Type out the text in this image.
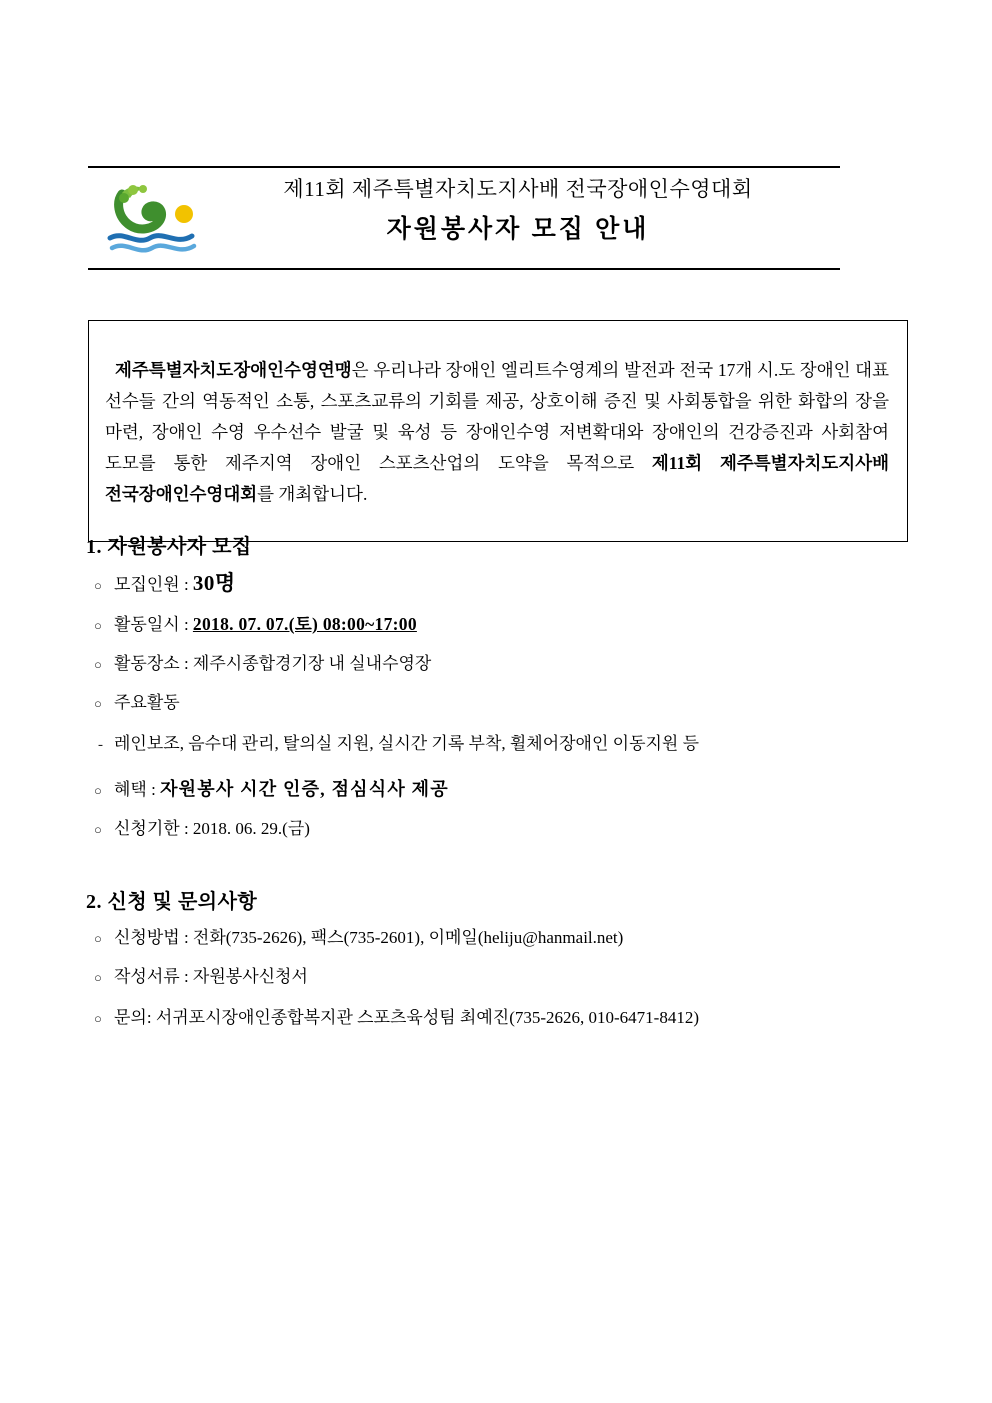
제11회 제주특별자치도지사배 전국장애인수영대회
자원봉사자 모집 안내

제주특별자치도장애인수영연맹은 우리나라 장애인 엘리트수영계의 발전과 전국 17개 시.도 장애인 대표 선수들 간의 역동적인 소통, 스포츠교류의 기회를 제공, 상호이해 증진 및 사회통합을 위한 화합의 장을 마련, 장애인 수영 우수선수 발굴 및 육성 등 장애인수영 저변확대와 장애인의 건강증진과 사회참여 도모를 통한 제주지역 장애인 스포츠산업의 도약을 목적으로 제11회 제주특별자치도지사배 전국장애인수영대회를 개최합니다.

1. 자원봉사자 모집
○ 모집인원 : 30명
○ 활동일시 : 2018. 07. 07.(토) 08:00~17:00
○ 활동장소 : 제주시종합경기장 내 실내수영장
○ 주요활동
- 레인보조, 음수대 관리, 탈의실 지원, 실시간 기록 부착, 휠체어장애인 이동지원 등
○ 혜택 : 자원봉사 시간 인증, 점심식사 제공
○ 신청기한 : 2018. 06. 29.(금)
2. 신청 및 문의사항
○ 신청방법 : 전화(735-2626), 팩스(735-2601), 이메일(heliju@hanmail.net)
○ 작성서류 : 자원봉사신청서
○ 문의: 서귀포시장애인종합복지관 스포츠육성팀 최예진(735-2626, 010-6471-8412)
